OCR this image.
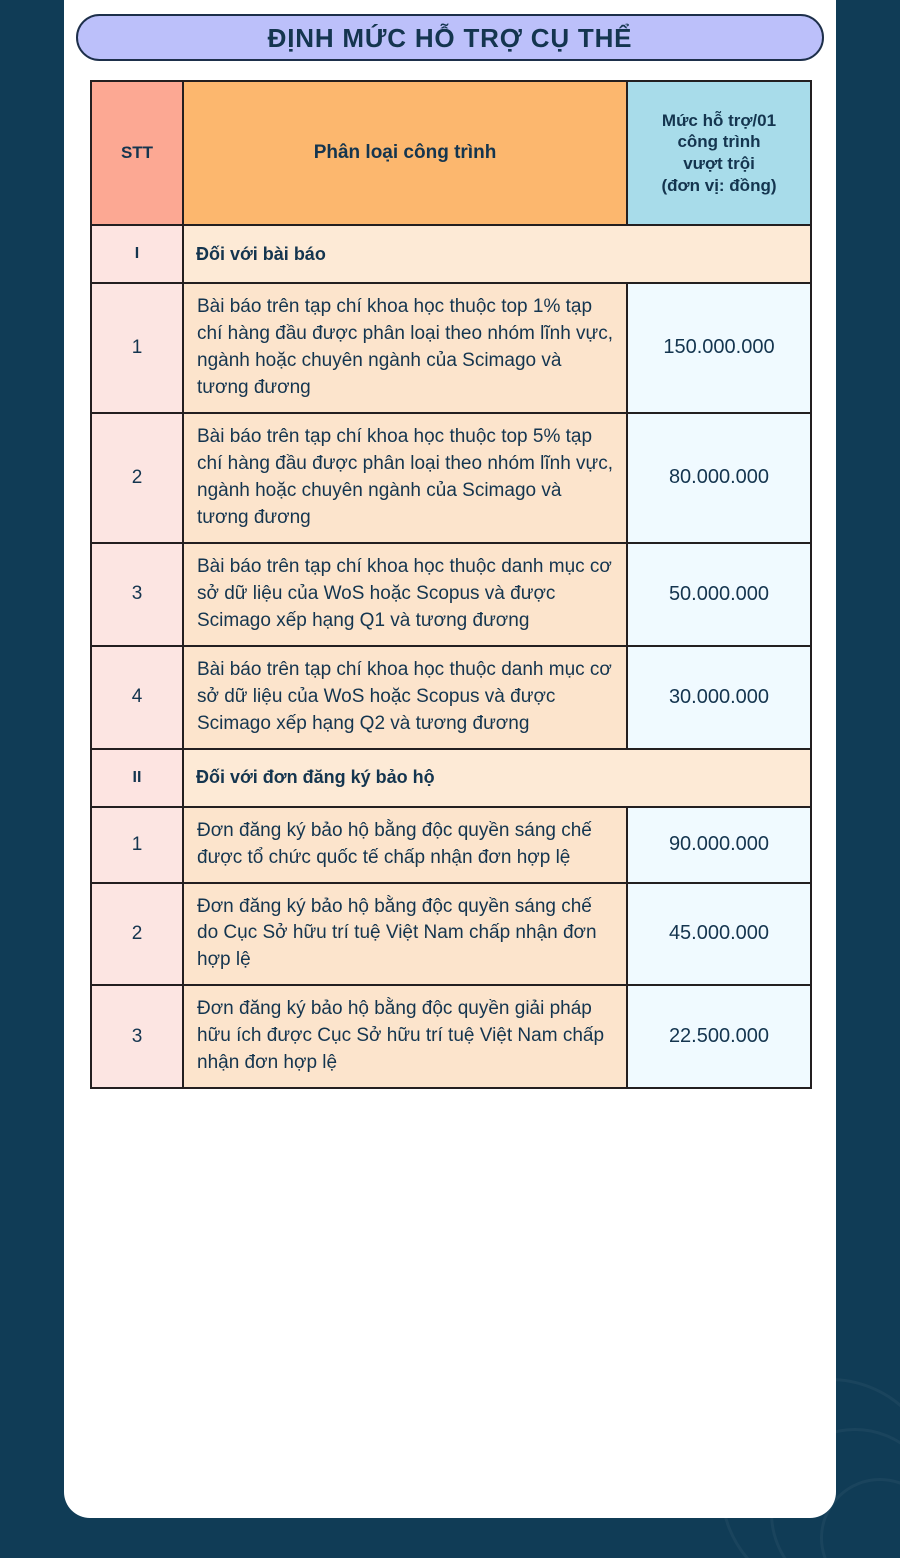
ĐỊNH MỨC HỖ TRỢ CỤ THỂ
STT	Phân loại công trình	Mức hỗ trợ/01
công trình
vượt trội
(đơn vị: đồng)

I	Đối với bài báo	
1	Bài báo trên tạp chí khoa học thuộc top 1% tạp chí hàng đầu được phân loại theo nhóm lĩnh vực, ngành hoặc chuyên ngành của Scimago và tương đương	150.000.000
2	Bài báo trên tạp chí khoa học thuộc top 5% tạp chí hàng đầu được phân loại theo nhóm lĩnh vực, ngành hoặc chuyên ngành của Scimago và tương đương	80.000.000
3	Bài báo trên tạp chí khoa học thuộc danh mục cơ sở dữ liệu của WoS hoặc Scopus và được Scimago xếp hạng Q1 và tương đương	50.000.000
4	Bài báo trên tạp chí khoa học thuộc danh mục cơ sở dữ liệu của WoS hoặc Scopus và được Scimago xếp hạng Q2 và tương đương	30.000.000
II	Đối với đơn đăng ký bảo hộ	
1	Đơn đăng ký bảo hộ bằng độc quyền sáng chế được tổ chức quốc tế chấp nhận đơn hợp lệ	90.000.000
2	Đơn đăng ký bảo hộ bằng độc quyền sáng chế do Cục Sở hữu trí tuệ Việt Nam chấp nhận đơn hợp lệ	45.000.000
3	Đơn đăng ký bảo hộ bằng độc quyền giải pháp hữu ích được Cục Sở hữu trí tuệ Việt Nam chấp nhận đơn hợp lệ	22.500.000
